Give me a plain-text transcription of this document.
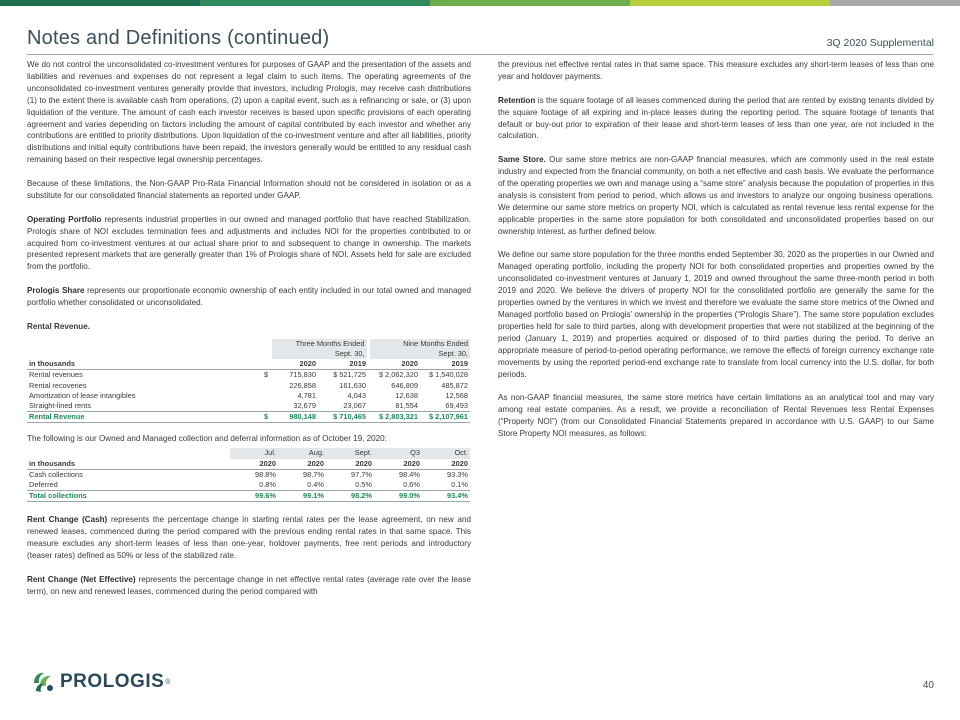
Notes and Definitions (continued)	3Q 2020 Supplemental

We do not control the unconsolidated co-investment ventures for purposes of GAAP and the presentation of the assets and liabilities and revenues and expenses do not represent a legal claim to such items. The operating agreements of the unconsolidated co-investment ventures generally provide that investors, including Prologis, may receive cash distributions (1) to the extent there is available cash from operations, (2) upon a capital event, such as a refinancing or sale, or (3) upon liquidation of the venture. The amount of cash each investor receives is based upon specific provisions of each operating agreement and varies depending on factors including the amount of capital contributed by each investor and whether any contributions are entitled to priority distributions. Upon liquidation of the co-investment venture and after all liabilities, priority distributions and initial equity contributions have been repaid, the investors generally would be entitled to any residual cash remaining based on their respective legal ownership percentages.

Because of these limitations, the Non-GAAP Pro-Rata Financial Information should not be considered in isolation or as a substitute for our consolidated financial statements as reported under GAAP.

Operating Portfolio represents industrial properties in our owned and managed portfolio that have reached Stabilization. Prologis share of NOI excludes termination fees and adjustments and includes NOI for the properties contributed to or acquired from co-investment ventures at our actual share prior to and subsequent to change in ownership. The markets presented represent markets that are generally greater than 1% of Prologis share of NOI. Assets held for sale are excluded from the portfolio.

Prologis Share represents our proportionate economic ownership of each entity included in our total owned and managed portfolio whether consolidated or unconsolidated.

Rental Revenue.
		Three Months Ended		Nine Months Ended	
		Sept. 30,		Sept. 30,	
in thousands		2020	2019	2020	2019
Rental revenues	$	715,830	$ 521,725	$ 2,062,320	$ 1,540,028
Rental recoveries		226,858	161,630	646,809	485,872
Amortization of lease intangibles		4,781	4,043	12,638	12,568
Straight-lined rents		32,679	23,067	81,554	69,493
Rental Revenue	$	980,148	$ 710,465	$ 2,803,321	$ 2,107,961

The following is our Owned and Managed collection and deferral information as of October 19, 2020:

	Jul.	Aug.	Sept.	Q3	Oct.
in thousands	2020	2020	2020	2020	2020
Cash collections	98.8%	98.7%	97.7%	98.4%	93.3%
Deferred	0.8%	0.4%	0.5%	0.6%	0.1%
Total collections	99.6%	99.1%	98.2%	99.0%	93.4%

Rent Change (Cash) represents the percentage change in starting rental rates per the lease agreement, on new and renewed leases, commenced during the period compared with the previous ending rental rates in that same space. This measure excludes any short-term leases of less than one-year, holdover payments, free rent periods and introductory (teaser rates) defined as 50% or less of the stabilized rate.

Rent Change (Net Effective) represents the percentage change in net effective rental rates (average rate over the lease term), on new and renewed leases, commenced during the period compared with

the previous net effective rental rates in that same space. This measure excludes any short-term leases of less than one year and holdover payments.

Retention is the square footage of all leases commenced during the period that are rented by existing tenants divided by the square footage of all expiring and in-place leases during the reporting period. The square footage of tenants that default or buy-out prior to expiration of their lease and short-term leases of less than one year, are not included in the calculation.

Same Store. Our same store metrics are non-GAAP financial measures, which are commonly used in the real estate industry and expected from the financial community, on both a net effective and cash basis. We evaluate the performance of the operating properties we own and manage using a “same store” analysis because the population of properties in this analysis is consistent from period to period, which allows us and investors to analyze our ongoing business operations. We determine our same store metrics on property NOI, which is calculated as rental revenue less rental expense for the applicable properties in the same store population for both consolidated and unconsolidated properties based on our ownership interest, as further defined below.

We define our same store population for the three months ended September 30, 2020 as the properties in our Owned and Managed operating portfolio, including the property NOI for both consolidated properties and properties owned by the unconsolidated co-investment ventures at January 1, 2019 and owned throughout the same three-month period in both 2019 and 2020. We believe the drivers of property NOI for the consolidated portfolio are generally the same for the properties owned by the ventures in which we invest and therefore we evaluate the same store metrics of the Owned and Managed portfolio based on Prologis’ ownership in the properties (“Prologis Share”). The same store population excludes properties held for sale to third parties, along with development properties that were not stabilized at the beginning of the period (January 1, 2019) and properties acquired or disposed of to third parties during the period. To derive an appropriate measure of period-to-period operating performance, we remove the effects of foreign currency exchange rate movements by using the reported period-end exchange rate to translate from local currency into the U.S. dollar, for both periods.

As non-GAAP financial measures, the same store metrics have certain limitations as an analytical tool and may vary among real estate companies. As a result, we provide a reconciliation of Rental Revenues less Rental Expenses (“Property NOI”) (from our Consolidated Financial Statements prepared in accordance with U.S. GAAP) to our Same Store Property NOI measures, as follows:

PROLOGIS ®	40
